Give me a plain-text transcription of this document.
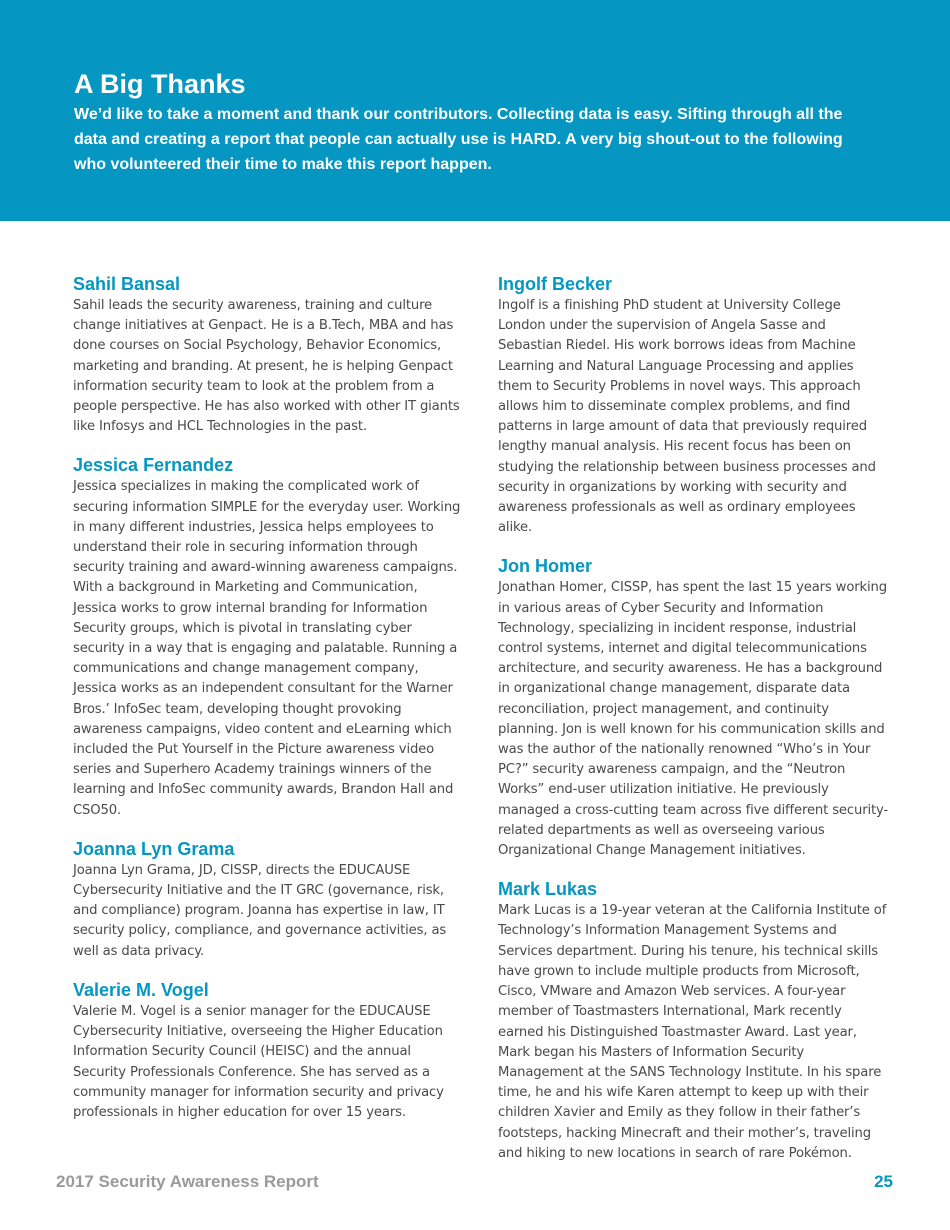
A Big Thanks

We’d like to take a moment and thank our contributors. Collecting data is easy. Sifting through all the data and creating a report that people can actually use is HARD. A very big shout-out to the following who volunteered their time to make this report happen.

Sahil Bansal

Sahil leads the security awareness, training and culture change initiatives at Genpact. He is a B.Tech, MBA and has done courses on Social Psychology, Behavior Economics, marketing and branding. At present, he is helping Genpact information security team to look at the problem from a people perspective. He has also worked with other IT giants like Infosys and HCL Technologies in the past.

Jessica Fernandez

Jessica specializes in making the complicated work of securing information SIMPLE for the everyday user. Working in many different industries, Jessica helps employees to understand their role in securing information through security training and award-winning awareness campaigns. With a background in Marketing and Communication, Jessica works to grow internal branding for Information Security groups, which is pivotal in translating cyber security in a way that is engaging and palatable. Running a communications and change management company, Jessica works as an independent consultant for the Warner Bros.’ InfoSec team, developing thought provoking awareness campaigns, video content and eLearning which included the Put Yourself in the Picture awareness video series and Superhero Academy trainings winners of the learning and InfoSec community awards, Brandon Hall and CSO50.

Joanna Lyn Grama

Joanna Lyn Grama, JD, CISSP, directs the EDUCAUSE Cybersecurity Initiative and the IT GRC (governance, risk, and compliance) program. Joanna has expertise in law, IT security policy, compliance, and governance activities, as well as data privacy.

Valerie M. Vogel

Valerie M. Vogel is a senior manager for the EDUCAUSE Cybersecurity Initiative, overseeing the Higher Education Information Security Council (HEISC) and the annual Security Professionals Conference. She has served as a community manager for information security and privacy professionals in higher education for over 15 years.

Ingolf Becker

Ingolf is a finishing PhD student at University College London under the supervision of Angela Sasse and Sebastian Riedel. His work borrows ideas from Machine Learning and Natural Language Processing and applies them to Security Problems in novel ways. This approach allows him to disseminate complex problems, and find patterns in large amount of data that previously required lengthy manual analysis. His recent focus has been on studying the relationship between business processes and security in organizations by working with security and awareness professionals as well as ordinary employees alike.

Jon Homer

Jonathan Homer, CISSP, has spent the last 15 years working in various areas of Cyber Security and Information Technology, specializing in incident response, industrial control systems, internet and digital telecommunications architecture, and security awareness. He has a background in organizational change management, disparate data reconciliation, project management, and continuity planning. Jon is well known for his communication skills and was the author of the nationally renowned “Who’s in Your PC?” security awareness campaign, and the “Neutron Works” end-user utilization initiative. He previously managed a cross-cutting team across five different security-related departments as well as overseeing various Organizational Change Management initiatives.

Mark Lukas

Mark Lucas is a 19-year veteran at the California Institute of Technology’s Information Management Systems and Services department. During his tenure, his technical skills have grown to include multiple products from Microsoft, Cisco, VMware and Amazon Web services. A four-year member of Toastmasters International, Mark recently earned his Distinguished Toastmaster Award. Last year, Mark began his Masters of Information Security Management at the SANS Technology Institute. In his spare time, he and his wife Karen attempt to keep up with their children Xavier and Emily as they follow in their father’s footsteps, hacking Minecraft and their mother’s, traveling and hiking to new locations in search of rare Pokémon.

2017 Security Awareness Report	25
